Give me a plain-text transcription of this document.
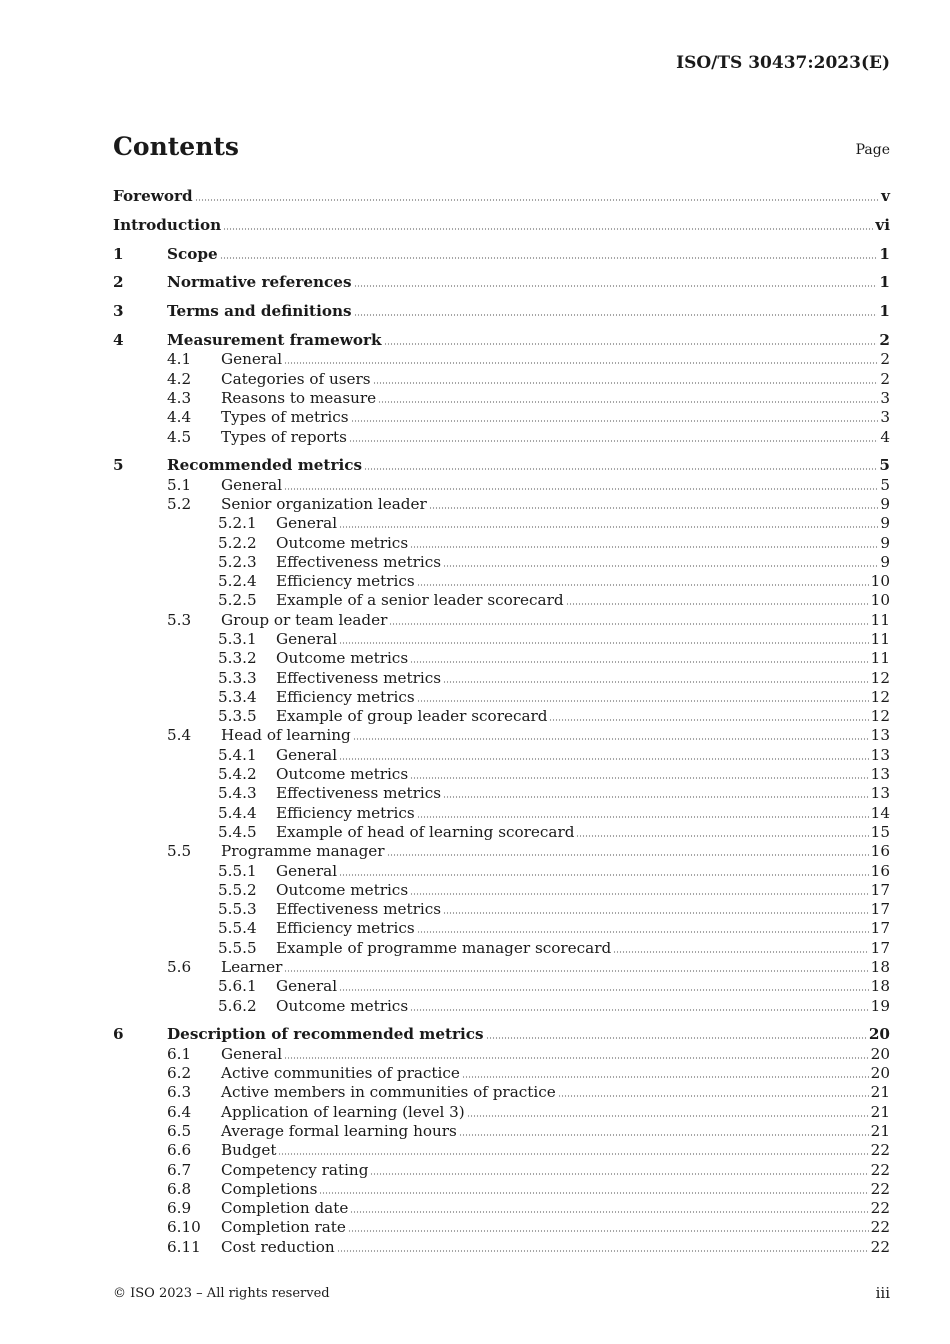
ISO/TS 30437:2023(E)
Contents	Page
Foreword	v
Introduction	vi
1	Scope	1
2	Normative references	1
3	Terms and definitions	1
4	Measurement framework	2
4.1	General	2
4.2	Categories of users	2
4.3	Reasons to measure	3
4.4	Types of metrics	3
4.5	Types of reports	4
5	Recommended metrics	5
5.1	General	5
5.2	Senior organization leader	9
5.2.1	General	9
5.2.2	Outcome metrics	9
5.2.3	Effectiveness metrics	9
5.2.4	Efficiency metrics	10
5.2.5	Example of a senior leader scorecard	10
5.3	Group or team leader	11
5.3.1	General	11
5.3.2	Outcome metrics	11
5.3.3	Effectiveness metrics	12
5.3.4	Efficiency metrics	12
5.3.5	Example of group leader scorecard	12
5.4	Head of learning	13
5.4.1	General	13
5.4.2	Outcome metrics	13
5.4.3	Effectiveness metrics	13
5.4.4	Efficiency metrics	14
5.4.5	Example of head of learning scorecard	15
5.5	Programme manager	16
5.5.1	General	16
5.5.2	Outcome metrics	17
5.5.3	Effectiveness metrics	17
5.5.4	Efficiency metrics	17
5.5.5	Example of programme manager scorecard	17
5.6	Learner	18
5.6.1	General	18
5.6.2	Outcome metrics	19
6	Description of recommended metrics	20
6.1	General	20
6.2	Active communities of practice	20
6.3	Active members in communities of practice	21
6.4	Application of learning (level 3)	21
6.5	Average formal learning hours	21
6.6	Budget	22
6.7	Competency rating	22
6.8	Completions	22
6.9	Completion date	22
6.10	Completion rate	22
6.11	Cost reduction	22
© ISO 2023 – All rights reserved	iii
